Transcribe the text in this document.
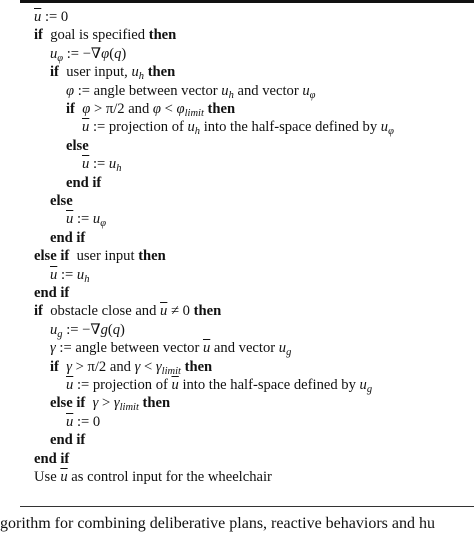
$\overline{u}$ := 0
if  goal is specified then
$u_\varphi$ := −∇φ(q)
if  user input, $u_h$ then
φ := angle between vector $u_h$ and vector $u_\varphi$
if φ > π/2 and $\varphi < \varphi_{limit}$ then
$\overline{u}$ := projection of $u_h$ into the half-space defined by $u_\varphi$
else
$\overline{u}$ := $u_h$
end if
else
$\overline{u}$ := $u_\varphi$
end if
else if  user input then
$\overline{u}$ := $u_h$
end if
if  obstacle close and $\overline{u} \ne 0$ then
$u_g$ := −∇g(q)
γ := angle between vector $\overline{u}$ and vector $u_g$
if γ > π/2 and $\gamma < \gamma_{limit}$ then
$\overline{u}$ := projection of $\overline{u}$ into the half-space defined by $u_g$
else if $\gamma > \gamma_{limit}$ then
$\overline{u}$ := 0
end if
end if
Use $\overline{u}$ as control input for the wheelchair
gorithm for combining deliberative plans, reactive behaviors and hu
